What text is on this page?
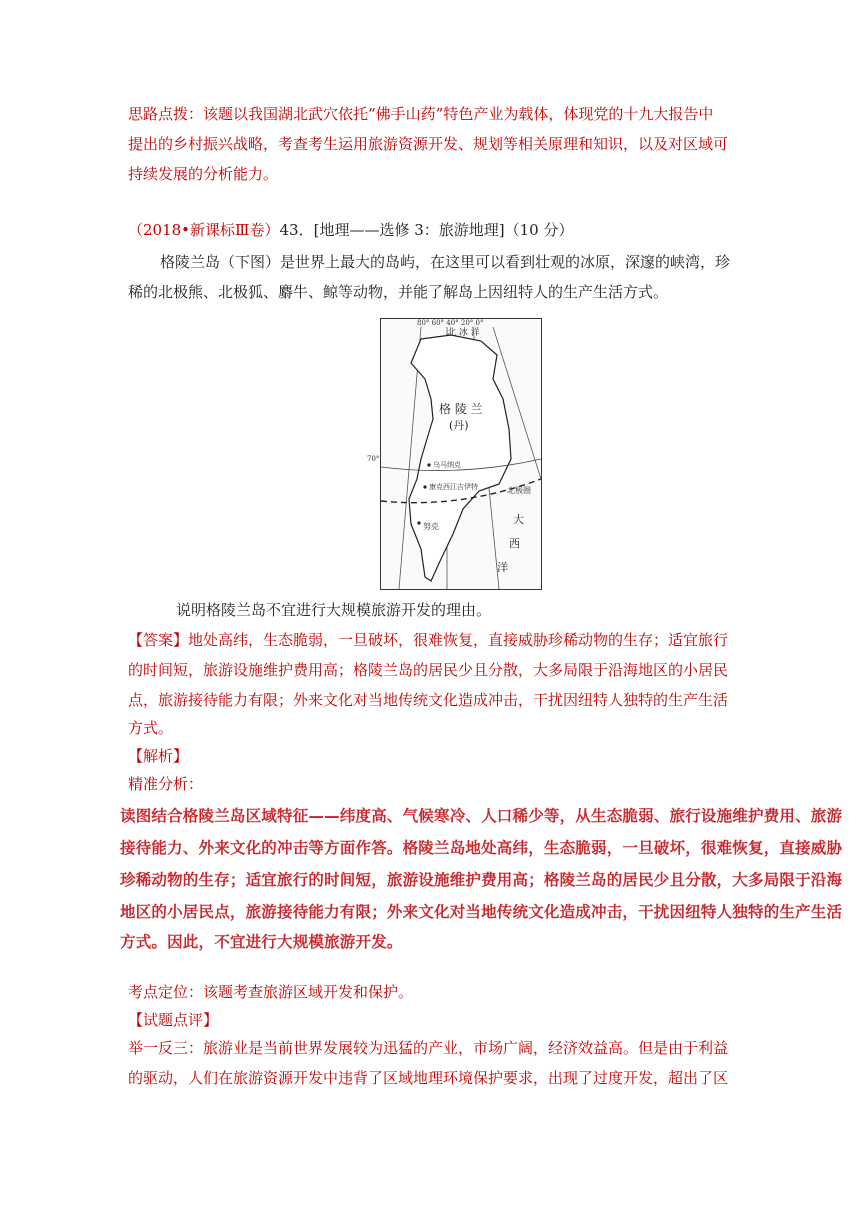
思路点拨：该题以我国湖北武穴依托“佛手山药”特色产业为载体，体现党的十九大报告中
提出的乡村振兴战略，考查考生运用旅游资源开发、规划等相关原理和知识，以及对区域可
持续发展的分析能力。
（2018•新课标Ⅲ卷）43．[地理——选修 3：旅游地理]（10 分）
格陵兰岛（下图）是世界上最大的岛屿，在这里可以看到壮观的冰原，深邃的峡湾，珍
稀的北极熊、北极狐、麝牛、鲸等动物，并能了解岛上因纽特人的生产生活方式。
80° 60° 40° 20° 0°
北 冰 洋
格 陵 兰
(丹)
70°
乌马纳克
康克西江吉伊特	北极圈
努克
大
西
洋
说明格陵兰岛不宜进行大规模旅游开发的理由。
【答案】地处高纬，生态脆弱，一旦破坏，很难恢复，直接威胁珍稀动物的生存；适宜旅行
的时间短，旅游设施维护费用高；格陵兰岛的居民少且分散，大多局限于沿海地区的小居民
点，旅游接待能力有限；外来文化对当地传统文化造成冲击，干扰因纽特人独特的生产生活
方式。
【解析】
精准分析：
读图结合格陵兰岛区域特征——纬度高、气候寒冷、人口稀少等，从生态脆弱、旅行设施维护费用、旅游
接待能力、外来文化的冲击等方面作答。格陵兰岛地处高纬，生态脆弱，一旦破坏，很难恢复，直接威胁
珍稀动物的生存；适宜旅行的时间短，旅游设施维护费用高；格陵兰岛的居民少且分散，大多局限于沿海
地区的小居民点，旅游接待能力有限；外来文化对当地传统文化造成冲击，干扰因纽特人独特的生产生活
方式。因此，不宜进行大规模旅游开发。
考点定位：该题考查旅游区域开发和保护。
【试题点评】
举一反三：旅游业是当前世界发展较为迅猛的产业，市场广阔，经济效益高。但是由于利益
的驱动，人们在旅游资源开发中违背了区域地理环境保护要求，出现了过度开发，超出了区
